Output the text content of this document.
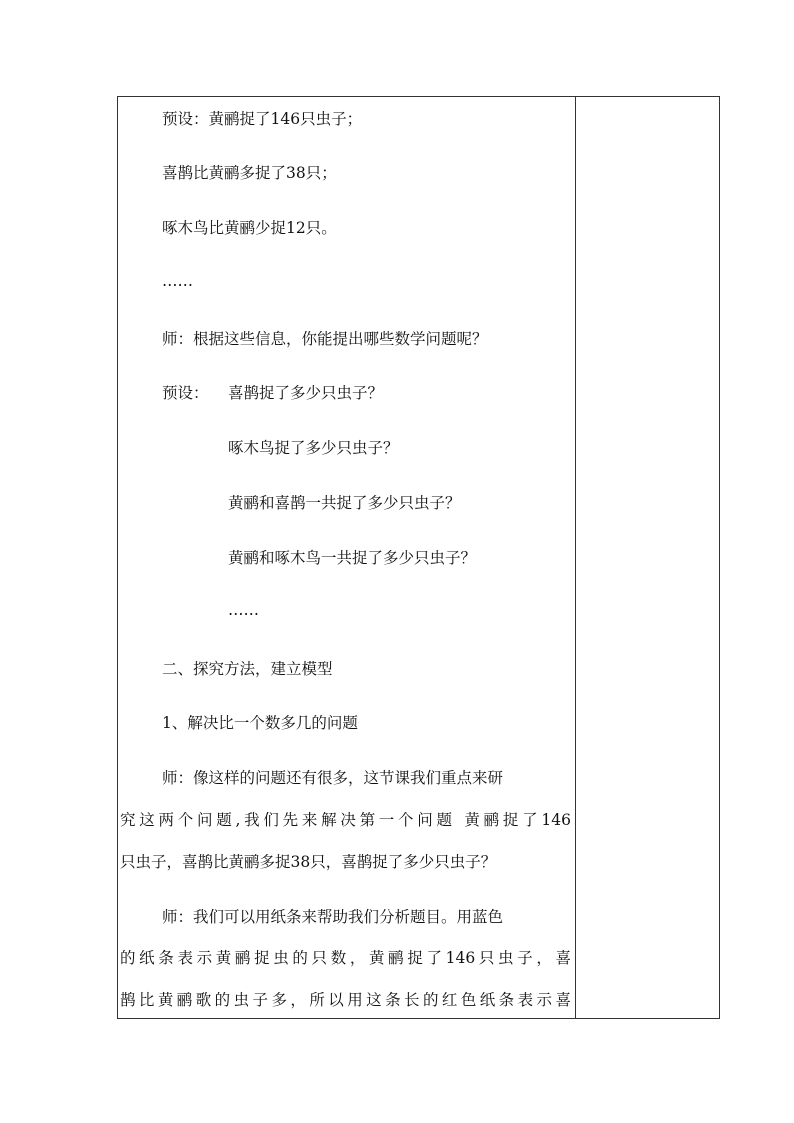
预设：黄鹂捉了146只虫子；
喜鹊比黄鹂多捉了38只；
啄木鸟比黄鹂少捉12只。
……
师：根据这些信息，你能提出哪些数学问题呢？
预设： 喜鹊捉了多少只虫子？
啄木鸟捉了多少只虫子？
黄鹂和喜鹊一共捉了多少只虫子？
黄鹂和啄木鸟一共捉了多少只虫子？
……
二、探究方法，建立模型
1、解决比一个数多几的问题
师：像这样的问题还有很多，这节课我们重点来研
究这两个问题,我们先来解决第一个问题 黄鹂捉了146
只虫子，喜鹊比黄鹂多捉38只，喜鹊捉了多少只虫子？
师：我们可以用纸条来帮助我们分析题目。用蓝色
的纸条表示黄鹂捉虫的只数，黄鹂捉了146只虫子，喜
鹊比黄鹂歌的虫子多，所以用这条长的红色纸条表示喜
